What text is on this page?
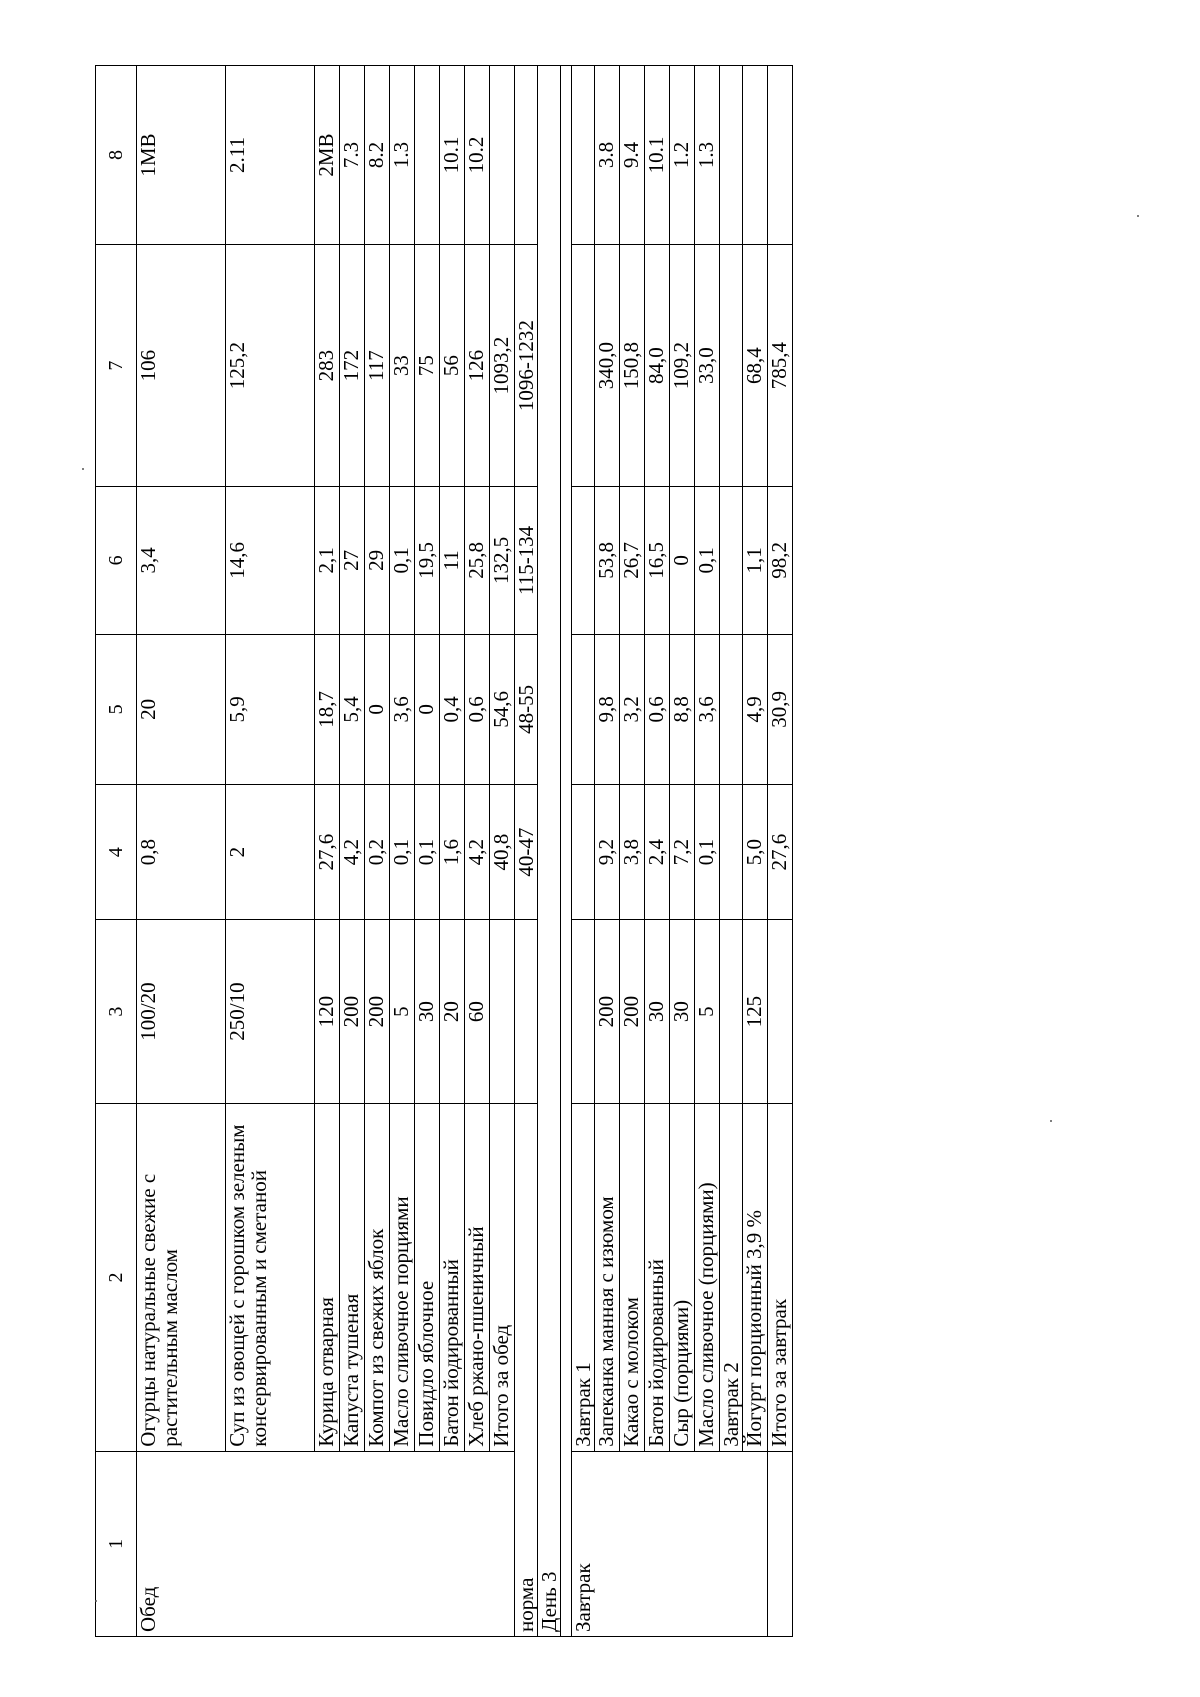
1	2	3	4	5	6	7	8
Обед	Огурцы натуральные свежие с растительным маслом	100/20	0,8	20	3,4	106	1МВ
	Суп из овощей с горошком зеленым консервированным и сметаной	250/10	2	5,9	14,6	125,2	2.11
	Курица отварная	120	27,6	18,7	2,1	283	2МВ
	Капуста тушеная	200	4,2	5,4	27	172	7.3
	Компот из свежих яблок	200	0,2	0	29	117	8.2
	Масло сливочное порциями	5	0,1	3,6	0,1	33	1.3
	Повидло яблочное	30	0,1	0	19,5	75	
	Батон йодированный	20	1,6	0,4	11	56	10.1
	Хлеб ржано-пшеничный	60	4,2	0,6	25,8	126	10.2
	Итого за обед		40,8	54,6	132,5	1093,2	
норма			40-47	48-55	115-134	1096-1232	
День 3							

Завтрак	Завтрак 1						
	Запеканка манная с изюмом	200	9,2	9,8	53,8	340,0	3.8
	Какао с молоком	200	3,8	3,2	26,7	150,8	9.4
	Батон йодированный	30	2,4	0,6	16,5	84,0	10.1
	Сыр (порциями)	30	7,2	8,8	0	109,2	1.2
	Масло сливочное (порциями)	5	0,1	3,6	0,1	33,0	1.3
	Завтрак 2						
	Йогурт порционный 3,9 %	125	5,0	4,9	1,1	68,4	
	Итого за завтрак		27,6	30,9	98,2	785,4	
